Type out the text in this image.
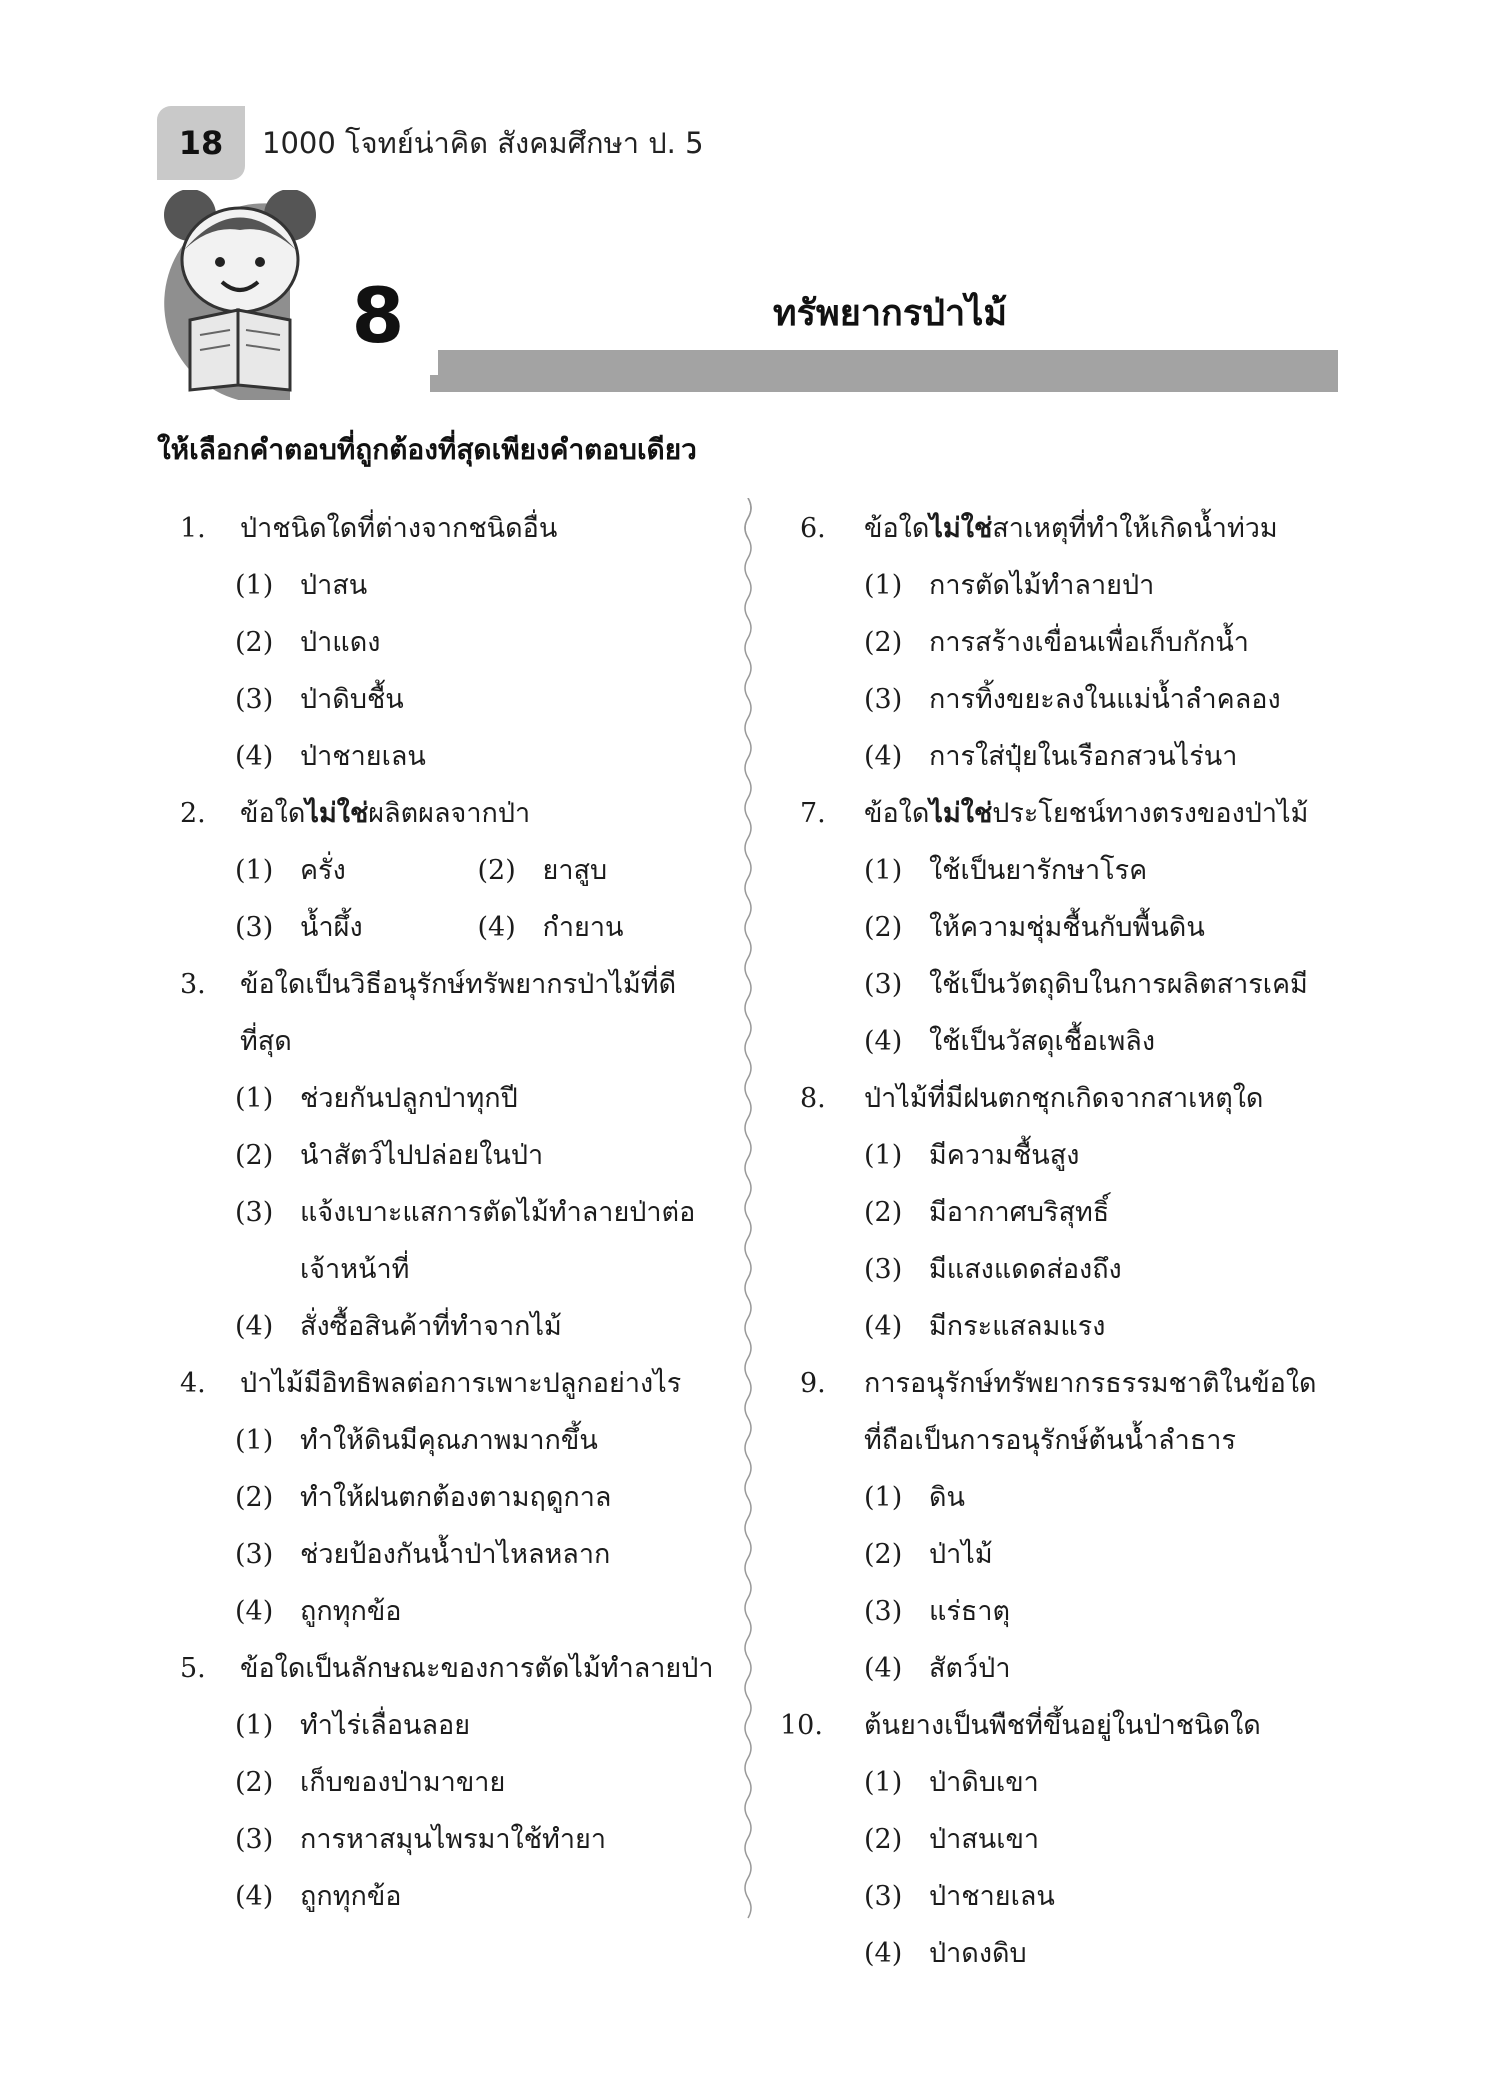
18 1000 โจทย์น่าคิด สังคมศึกษา ป. 5
8	ทรัพยากรป่าไม้
ให้เลือกคำตอบที่ถูกต้องที่สุดเพียงคำตอบเดียว
1.	ป่าชนิดใดที่ต่างจากชนิดอื่น
(1) ป่าสน
(2) ป่าแดง
(3) ป่าดิบชื้น
(4) ป่าชายเลน
2.	ข้อใดไม่ใช่ผลิตผลจากป่า
(1) ครั่ง	(2) ยาสูบ
(3) น้ำผึ้ง	(4) กำยาน
3.	ข้อใดเป็นวิธีอนุรักษ์ทรัพยากรป่าไม้ที่ดี
ที่สุด
(1) ช่วยกันปลูกป่าทุกปี
(2) นำสัตว์ไปปล่อยในป่า
(3) แจ้งเบาะแสการตัดไม้ทำลายป่าต่อ
เจ้าหน้าที่
(4) สั่งซื้อสินค้าที่ทำจากไม้
4.	ป่าไม้มีอิทธิพลต่อการเพาะปลูกอย่างไร
(1) ทำให้ดินมีคุณภาพมากขึ้น
(2) ทำให้ฝนตกต้องตามฤดูกาล
(3) ช่วยป้องกันน้ำป่าไหลหลาก
(4) ถูกทุกข้อ
5.	ข้อใดเป็นลักษณะของการตัดไม้ทำลายป่า
(1) ทำไร่เลื่อนลอย
(2) เก็บของป่ามาขาย
(3) การหาสมุนไพรมาใช้ทำยา
(4) ถูกทุกข้อ
6.	ข้อใดไม่ใช่สาเหตุที่ทำให้เกิดน้ำท่วม
(1) การตัดไม้ทำลายป่า
(2) การสร้างเขื่อนเพื่อเก็บกักน้ำ
(3) การทิ้งขยะลงในแม่น้ำลำคลอง
(4) การใส่ปุ๋ยในเรือกสวนไร่นา
7.	ข้อใดไม่ใช่ประโยชน์ทางตรงของป่าไม้
(1) ใช้เป็นยารักษาโรค
(2) ให้ความชุ่มชื้นกับพื้นดิน
(3) ใช้เป็นวัตถุดิบในการผลิตสารเคมี
(4) ใช้เป็นวัสดุเชื้อเพลิง
8.	ป่าไม้ที่มีฝนตกชุกเกิดจากสาเหตุใด
(1) มีความชื้นสูง
(2) มีอากาศบริสุทธิ์
(3) มีแสงแดดส่องถึง
(4) มีกระแสลมแรง
9.	การอนุรักษ์ทรัพยากรธรรมชาติในข้อใด
ที่ถือเป็นการอนุรักษ์ต้นน้ำลำธาร
(1) ดิน
(2) ป่าไม้
(3) แร่ธาตุ
(4) สัตว์ป่า
10.	ต้นยางเป็นพืชที่ขึ้นอยู่ในป่าชนิดใด
(1) ป่าดิบเขา
(2) ป่าสนเขา
(3) ป่าชายเลน
(4) ป่าดงดิบ
